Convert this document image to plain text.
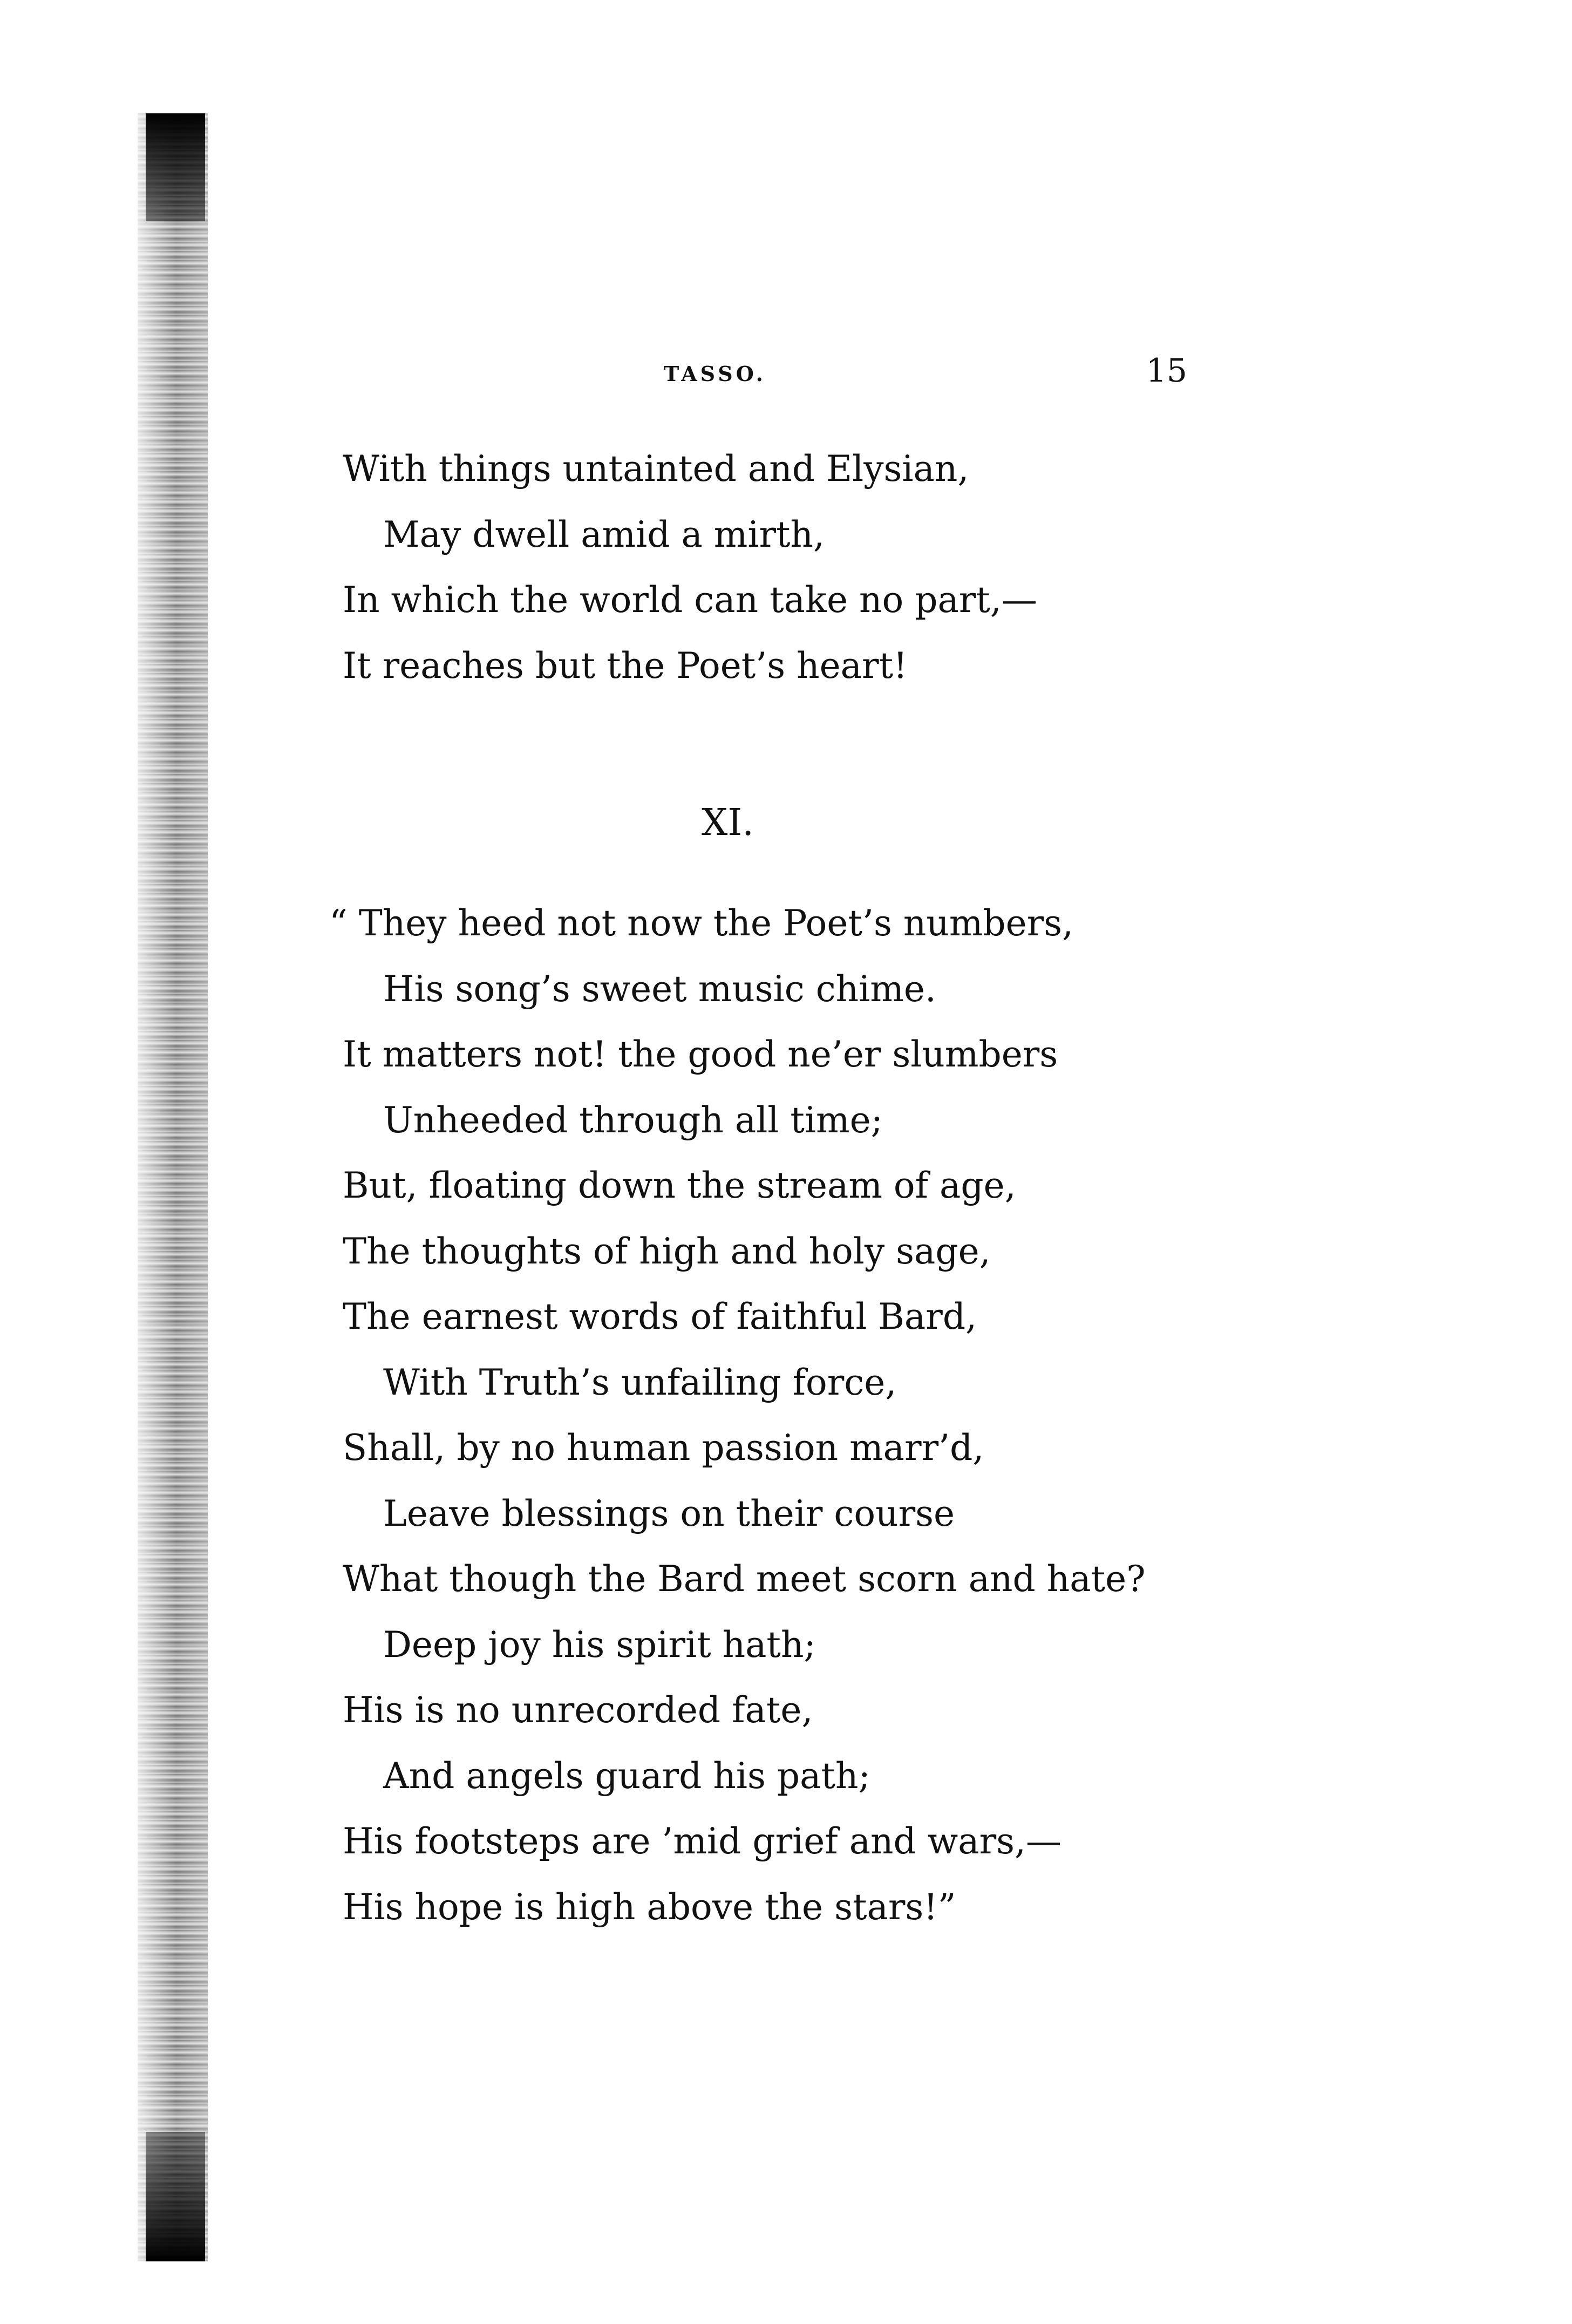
TASSO.	15
With things untainted and Elysian,
May dwell amid a mirth,
In which the world can take no part,—
It reaches but the Poet’s heart!
XI.
“ They heed not now the Poet’s numbers,
His song’s sweet music chime.
It matters not! the good ne’er slumbers
Unheeded through all time;
But, floating down the stream of age,
The thoughts of high and holy sage,
The earnest words of faithful Bard,
With Truth’s unfailing force,
Shall, by no human passion marr’d,
Leave blessings on their course
What though the Bard meet scorn and hate?
Deep joy his spirit hath;
His is no unrecorded fate,
And angels guard his path;
His footsteps are ’mid grief and wars,—
His hope is high above the stars!”
